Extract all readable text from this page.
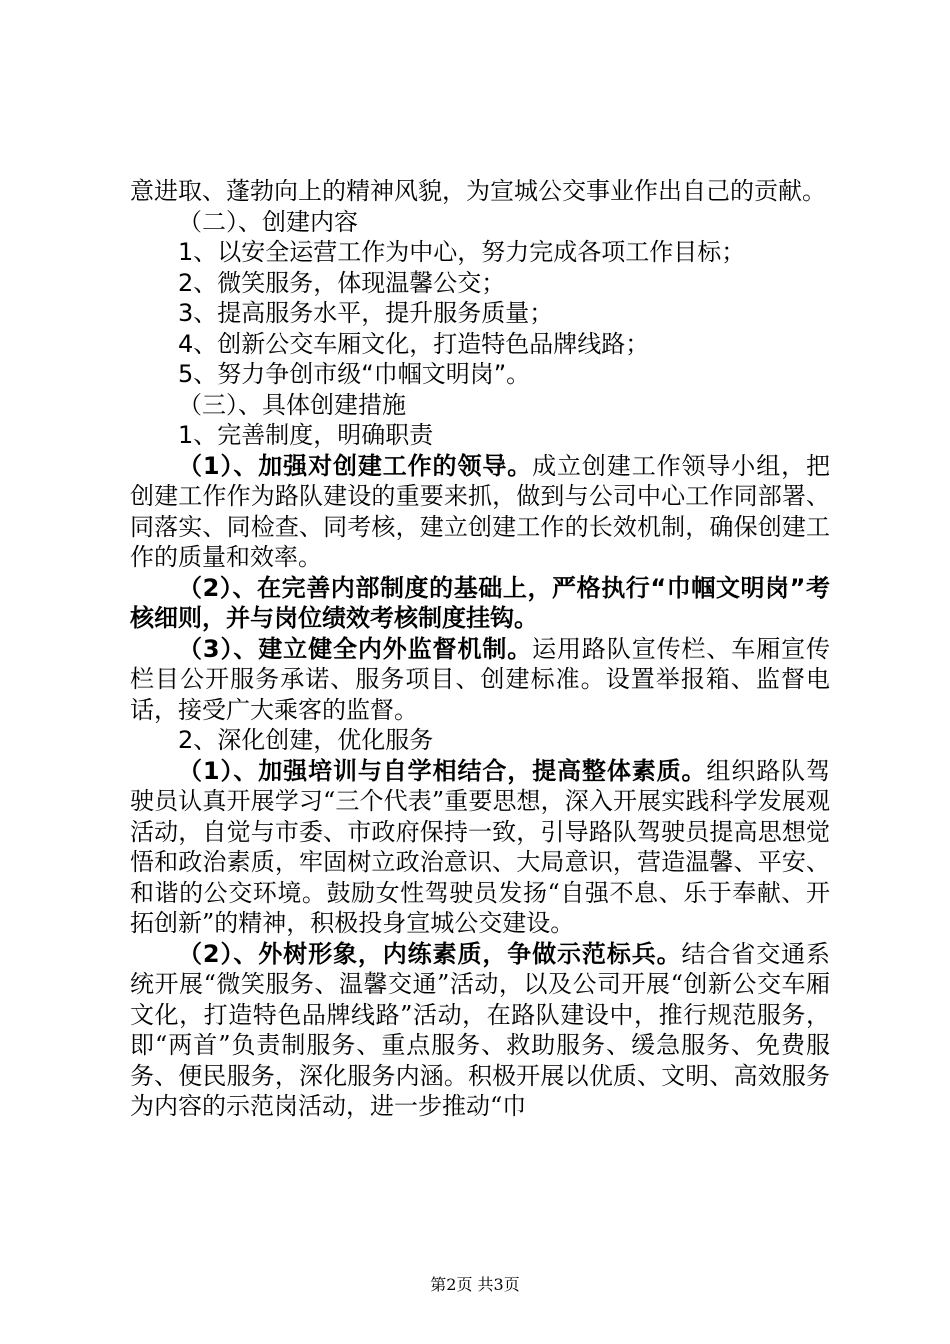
意进取、蓬勃向上的精神风貌，为宣城公交事业作出自己的贡献。

（二）、创建内容

1、以安全运营工作为中心，努力完成各项工作目标；

2、微笑服务，体现温馨公交；

3、提高服务水平，提升服务质量；

4、创新公交车厢文化，打造特色品牌线路；

5、努力争创市级“巾帼文明岗”。

（三）、具体创建措施

1、完善制度，明确职责

（1）、加强对创建工作的领导。成立创建工作领导小组，把创建工作作为路队建设的重要来抓，做到与公司中心工作同部署、同落实、同检查、同考核，建立创建工作的长效机制，确保创建工作的质量和效率。

（2）、在完善内部制度的基础上，严格执行“巾帼文明岗”考核细则，并与岗位绩效考核制度挂钩。

（3）、建立健全内外监督机制。运用路队宣传栏、车厢宣传栏目公开服务承诺、服务项目、创建标准。设置举报箱、监督电话，接受广大乘客的监督。

2、深化创建，优化服务

（1）、加强培训与自学相结合，提高整体素质。组织路队驾驶员认真开展学习“三个代表”重要思想，深入开展实践科学发展观活动，自觉与市委、市政府保持一致，引导路队驾驶员提高思想觉悟和政治素质，牢固树立政治意识、大局意识，营造温馨、平安、和谐的公交环境。鼓励女性驾驶员发扬“自强不息、乐于奉献、开拓创新”的精神，积极投身宣城公交建设。

（2）、外树形象，内练素质，争做示范标兵。结合省交通系统开展“微笑服务、温馨交通”活动，以及公司开展“创新公交车厢文化，打造特色品牌线路”活动，在路队建设中，推行规范服务，即“两首”负责制服务、重点服务、救助服务、缓急服务、免费服务、便民服务，深化服务内涵。积极开展以优质、文明、高效服务为内容的示范岗活动，进一步推动“巾

第2页 共3页
